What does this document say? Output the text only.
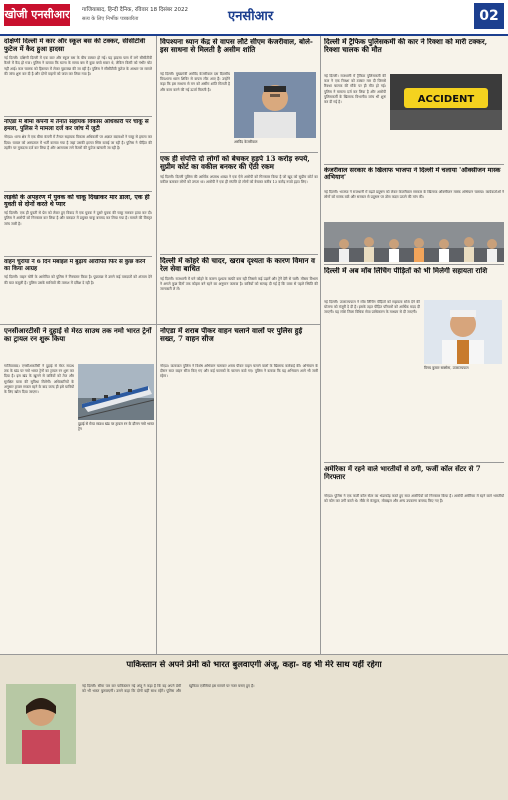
खोजी एनसीआर गाजियाबाद, हिन्दी दैनिक, रविवार 18 दिसंबर 2022
सत्य के लिए निर्भीक पत्रकारिता	एनसीआर	02
दक्षिणी दिल्ली में कार और स्कूल बस की टक्कर, सीसीटीवी फुटेज में कैद हुआ हादसा
नई दिल्ली। दक्षिणी दिल्ली में एक कार और स्कूल बस के बीच टक्कर हो गई। यह हादसा पास में लगे सीसीटीवी कैमरे में कैद हो गया। पुलिस ने बताया कि घटना के समय बस में कुछ बच्चे सवार थे, लेकिन किसी को गंभीर चोट नहीं आई। कार चालक को हिरासत में लेकर पूछताछ की जा रही है। पुलिस ने सीसीटीवी फुटेज के आधार पर मामले की जांच शुरू कर दी है और दोनों वाहनों को जब्त कर लिया गया है।
नोएडा में बीमा कंपनी में तैनात सहायक विकास अधिकारी पर चाकू से हमला, पुलिस ने मामला दर्ज कर जांच में जुटी
नोएडा। थाना क्षेत्र में एक बीमा कंपनी में तैनात सहायक विकास अधिकारी पर अज्ञात बदमाशों ने चाकू से हमला कर दिया। घायल को अस्पताल में भर्ती कराया गया है जहां उसकी हालत स्थिर बताई जा रही है। पुलिस ने पीड़ित की तहरीर पर मुकदमा दर्ज कर लिया है और आसपास लगे कैमरों की फुटेज खंगाली जा रही है।
लड़की के अपहरण में युवक को चाकू दिखाकर मार डाला, एक ही युवती से दोनों करते थे प्यार
नई दिल्ली। एक ही युवती से प्रेम को लेकर हुए विवाद में एक युवक ने दूसरे युवक की चाकू मारकर हत्या कर दी। पुलिस ने आरोपी को गिरफ्तार कर लिया है और वारदात में प्रयुक्त चाकू बरामद कर लिया गया है। मामले की विस्तृत जांच जारी है।
वाहन चुराया ने 6 दिन मंबाइल में बुढ़ाये आरोपित फिर से कुछ करने का किया आग्रह
नई दिल्ली। वाहन चोरी के आरोपित को पुलिस ने गिरफ्तार किया है। पूछताछ में उसने कई वारदातों को अंजाम देने की बात कबूली है। पुलिस उसके साथियों की तलाश में दबिश दे रही है।
एनसीआरटीसी ने दुहाई से मेरठ साउथ तक नमो भारत ट्रेनों का ट्रायल रन शुरू किया
गाजियाबाद। एनसीआरटीसी ने दुहाई से मेरठ साउथ तक के खंड पर नमो भारत ट्रेनों का ट्रायल रन शुरू कर दिया है। इस खंड के खुलने से यात्रियों को तेज और सुरक्षित यात्रा की सुविधा मिलेगी। अधिकारियों के अनुसार ट्रायल सफल रहने के बाद जल्द ही इसे यात्रियों के लिए खोल दिया जाएगा।
दुहाई से मेरठ साउथ खंड पर ट्रायल रन के दौरान नमो भारत ट्रेन
विपश्यना ध्यान केंद्र से वापस लौटे सीएम केजरीवाल, बोले- इस साधना से मिलती है असीम शांति
नई दिल्ली। मुख्यमंत्री अरविंद केजरीवाल दस दिवसीय विपश्यना ध्यान शिविर से वापस लौट आए हैं। उन्होंने कहा कि इस साधना से मन को असीम शांति मिलती है और काम करने की नई ऊर्जा मिलती है।
अरविंद केजरीवाल
एक ही संपत्ति दो लोगों को बेचकर हड़पे 13 करोड़ रुपये, सुप्रीम कोर्ट का वकील बनकर की ऐंठी रकम
नई दिल्ली। दिल्ली पुलिस की आर्थिक अपराध शाखा ने एक ऐसे आरोपी को गिरफ्तार किया है जो खुद को सुप्रीम कोर्ट का वकील बताकर लोगों को ठगता था। आरोपी ने एक ही संपत्ति दो लोगों को बेचकर करीब 13 करोड़ रुपये हड़प लिए।
दिल्ली में कोहरे की चादर, खराब दृश्यता के कारण विमान व रेल सेवा बाधित
नई दिल्ली। राजधानी में घने कोहरे के कारण दृश्यता काफी कम रही जिससे कई उड़ानें और ट्रेनें देरी से चलीं। मौसम विभाग ने अगले कुछ दिनों तक कोहरा बने रहने का अनुमान जताया है। यात्रियों को सलाह दी गई है कि यात्रा से पहले स्थिति की जानकारी ले लें।
नोएडा में शराब पीकर वाहन चलाने वालों पर पुलिस हुई सख्त, 7 वाहन सीज
नोएडा। यातायात पुलिस ने विशेष अभियान चलाकर शराब पीकर वाहन चलाने वालों के खिलाफ कार्रवाई की। अभियान के दौरान सात वाहन सीज किए गए और कई चालकों के चालान काटे गए। पुलिस ने बताया कि यह अभियान आगे भी जारी रहेगा।
दिल्ली में ट्रैफिक पुलिसकर्मी की कार ने रिक्शा को मारी टक्कर, रिक्शा चालक की मौत
नई दिल्ली। राजधानी में ट्रैफिक पुलिसकर्मी की कार ने एक रिक्शा को टक्कर मार दी जिससे रिक्शा चालक की मौके पर ही मौत हो गई। पुलिस ने मामला दर्ज कर लिया है और आरोपी पुलिसकर्मी के खिलाफ विभागीय जांच भी शुरू कर दी गई है।	ACCIDENT
केजरीवाल सरकार के खिलाफ भाजपा ने दिल्ली में चलाया 'ऑक्सीजन मास्क अभियान'
नई दिल्ली। भाजपा ने राजधानी में बढ़ते प्रदूषण को लेकर केजरीवाल सरकार के खिलाफ ऑक्सीजन मास्क अभियान चलाया। कार्यकर्ताओं ने लोगों को मास्क बांटे और सरकार से प्रदूषण पर ठोस कदम उठाने की मांग की।
दिल्ली में अब मॉब लिंचिंग पीड़ितों को भी मिलेगी सहायता राशि
नई दिल्ली। उपराज्यपाल ने मॉब लिंचिंग पीड़ितों को सहायता राशि देने की योजना को मंजूरी दे दी है। इसके तहत पीड़ित परिवारों को आर्थिक मदद दी जाएगी। यह राशि जिला विधिक सेवा प्राधिकरण के माध्यम से दी जाएगी।
विनय कुमार सक्सेना, उपराज्यपाल
अमेरिका में रहने वाले भारतीयों से ठगी, फर्जी कॉल सेंटर से 7 गिरफ्तार
नोएडा। पुलिस ने एक फर्जी कॉल सेंटर का भंडाफोड़ करते हुए सात आरोपियों को गिरफ्तार किया है। आरोपी अमेरिका में रहने वाले भारतीयों को फोन कर ठगी करते थे। मौके से कंप्यूटर, मोबाइल और अन्य उपकरण बरामद किए गए हैं।
पाकिस्तान से अपने प्रेमी को भारत बुलवाएगी अंजू, कहा- वह भी मेरे साथ यहीं रहेगा
नई दिल्ली। सीमा पार कर पाकिस्तान गई अंजू ने कहा है कि वह अपने प्रेमी को भी भारत बुलवाएगी। उसने कहा कि दोनों यहीं साथ रहेंगे। पुलिस और खुफिया एजेंसियां इस मामले पर नजर बनाए हुए हैं।
